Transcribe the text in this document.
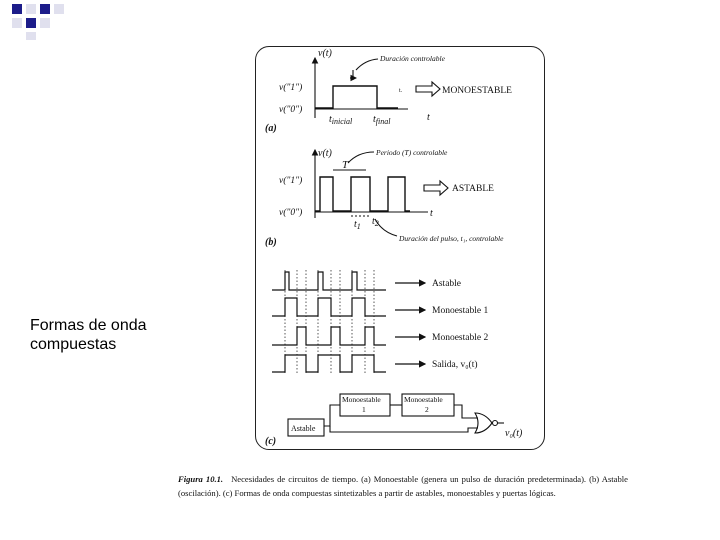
Formas de onda
compuestas
v(t)	Duración controlable
v("1")
v("0")
t.	MONOESTABLE
$t_{inicial}$ $t_{final}$	t
(a)
v(t)	Periodo (T) controlable
T
v("1")
v("0")
ASTABLE
$t_1$ $t_2$
t
Duración del pulso, t₁, controlable
(b)
Astable
Monoestable 1
Monoestable 2
Salida, v₀(t)
Astable
Monoestable
1
Monoestable
2
v₀(t)
(c)
Figura 10.1. Necesidades de circuitos de tiempo. (a) Monoestable (genera un pulso de duración predeterminada). (b) Astable (oscilación). (c) Formas de onda compuestas sintetizables a partir de astables, monoestables y puertas lógicas.
